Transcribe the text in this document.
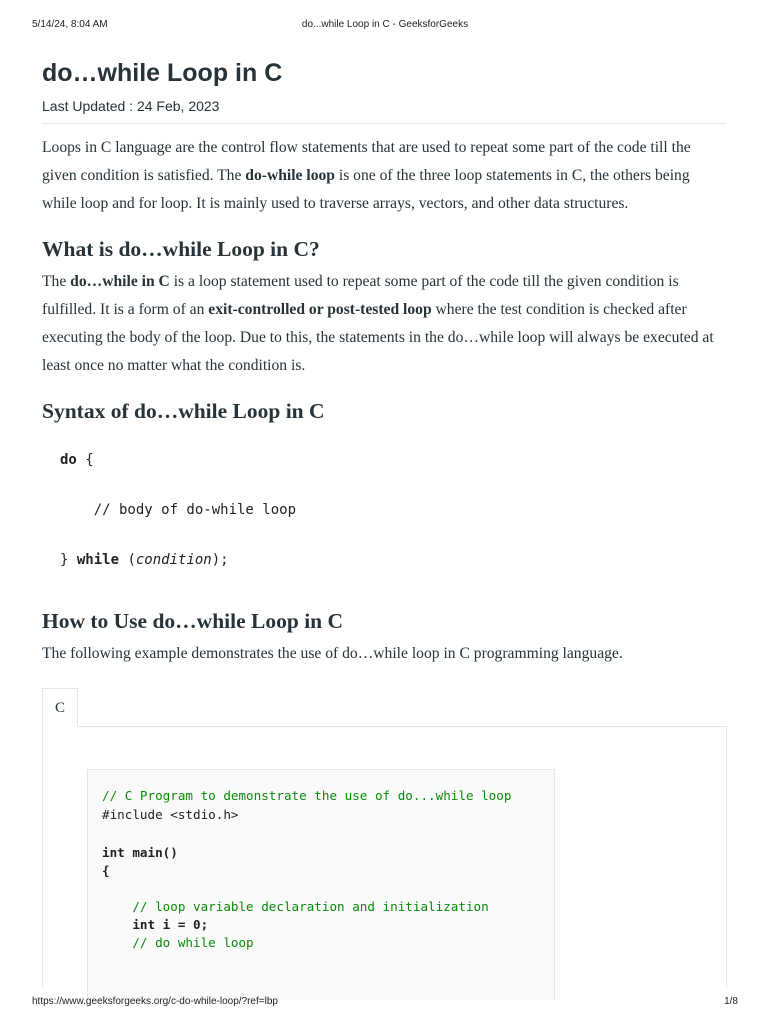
5/14/24, 8:04 AM	do...while Loop in C - GeeksforGeeks
do…while Loop in C
Last Updated : 24 Feb, 2023

Loops in C language are the control flow statements that are used to repeat some part of the code till the given condition is satisfied. The do-while loop is one of the three loop statements in C, the others being while loop and for loop. It is mainly used to traverse arrays, vectors, and other data structures.

What is do…while Loop in C?

The do…while in C is a loop statement used to repeat some part of the code till the given condition is fulfilled. It is a form of an exit-controlled or post-tested loop where the test condition is checked after executing the body of the loop. Due to this, the statements in the do…while loop will always be executed at least once no matter what the condition is.

Syntax of do…while Loop in C
do {
// body of do-while loop
} while (condition);
How to Use do…while Loop in C

The following example demonstrates the use of do…while loop in C programming language.

C
// C Program to demonstrate the use of do...while loop
#include <stdio.h>
int main()
{
// loop variable declaration and initialization
int i = 0;
// do while loop
https://www.geeksforgeeks.org/c-do-while-loop/?ref=lbp	1/8
